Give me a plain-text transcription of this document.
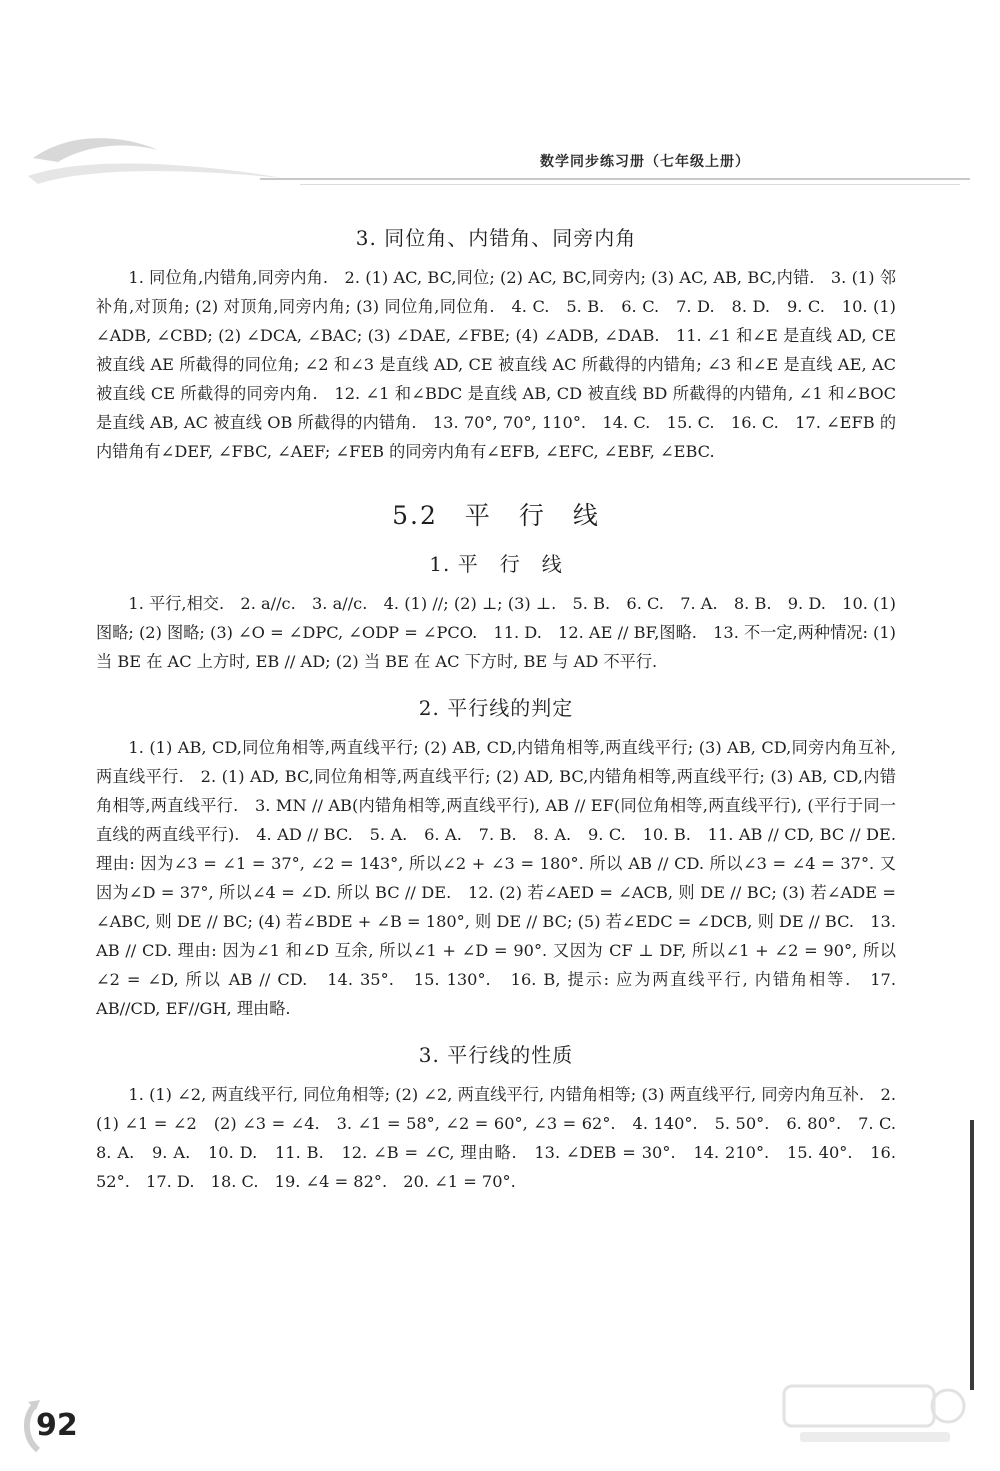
数学同步练习册（七年级上册）
3. 同位角、内错角、同旁内角

1. 同位角,内错角,同旁内角.　2. (1) AC, BC,同位; (2) AC, BC,同旁内; (3) AC, AB, BC,内错.　3. (1) 邻补角,对顶角; (2) 对顶角,同旁内角; (3) 同位角,同位角.　4. C.　5. B.　6. C.　7. D.　8. D.　9. C.　10. (1) ∠ADB, ∠CBD; (2) ∠DCA, ∠BAC; (3) ∠DAE, ∠FBE; (4) ∠ADB, ∠DAB.　11. ∠1 和∠E 是直线 AD, CE 被直线 AE 所截得的同位角; ∠2 和∠3 是直线 AD, CE 被直线 AC 所截得的内错角; ∠3 和∠E 是直线 AE, AC 被直线 CE 所截得的同旁内角.　12. ∠1 和∠BDC 是直线 AB, CD 被直线 BD 所截得的内错角, ∠1 和∠BOC 是直线 AB, AC 被直线 OB 所截得的内错角.　13. 70°, 70°, 110°.　14. C.　15. C.　16. C.　17. ∠EFB 的内错角有∠DEF, ∠FBC, ∠AEF; ∠FEB 的同旁内角有∠EFB, ∠EFC, ∠EBF, ∠EBC.

5.2　平　行　线
1. 平　行　线

1. 平行,相交.　2. a//c.　3. a//c.　4. (1) //; (2) ⊥; (3) ⊥.　5. B.　6. C.　7. A.　8. B.　9. D.　10. (1) 图略; (2) 图略; (3) ∠O = ∠DPC, ∠ODP = ∠PCO.　11. D.　12. AE // BF,图略.　13. 不一定,两种情况: (1) 当 BE 在 AC 上方时, EB // AD; (2) 当 BE 在 AC 下方时, BE 与 AD 不平行.

2. 平行线的判定

1. (1) AB, CD,同位角相等,两直线平行; (2) AB, CD,内错角相等,两直线平行; (3) AB, CD,同旁内角互补,两直线平行.　2. (1) AD, BC,同位角相等,两直线平行; (2) AD, BC,内错角相等,两直线平行; (3) AB, CD,内错角相等,两直线平行.　3. MN // AB(内错角相等,两直线平行), AB // EF(同位角相等,两直线平行), (平行于同一直线的两直线平行).　4. AD // BC.　5. A.　6. A.　7. B.　8. A.　9. C.　10. B.　11. AB // CD, BC // DE. 理由: 因为∠3 = ∠1 = 37°, ∠2 = 143°, 所以∠2 + ∠3 = 180°. 所以 AB // CD. 所以∠3 = ∠4 = 37°. 又因为∠D = 37°, 所以∠4 = ∠D. 所以 BC // DE.　12. (2) 若∠AED = ∠ACB, 则 DE // BC; (3) 若∠ADE = ∠ABC, 则 DE // BC; (4) 若∠BDE + ∠B = 180°, 则 DE // BC; (5) 若∠EDC = ∠DCB, 则 DE // BC.　13. AB // CD. 理由: 因为∠1 和∠D 互余, 所以∠1 + ∠D = 90°. 又因为 CF ⊥ DF, 所以∠1 + ∠2 = 90°, 所以∠2 = ∠D, 所以 AB // CD.　14. 35°.　15. 130°.　16. B, 提示: 应为两直线平行, 内错角相等.　17. AB//CD, EF//GH, 理由略.

3. 平行线的性质

1. (1) ∠2, 两直线平行, 同位角相等; (2) ∠2, 两直线平行, 内错角相等; (3) 两直线平行, 同旁内角互补.　2. (1) ∠1 = ∠2　(2) ∠3 = ∠4.　3. ∠1 = 58°, ∠2 = 60°, ∠3 = 62°.　4. 140°.　5. 50°.　6. 80°.　7. C.　8. A.　9. A.　10. D.　11. B.　12. ∠B = ∠C, 理由略.　13. ∠DEB = 30°.　14. 210°.　15. 40°.　16. 52°.　17. D.　18. C.　19. ∠4 = 82°.　20. ∠1 = 70°.

92
